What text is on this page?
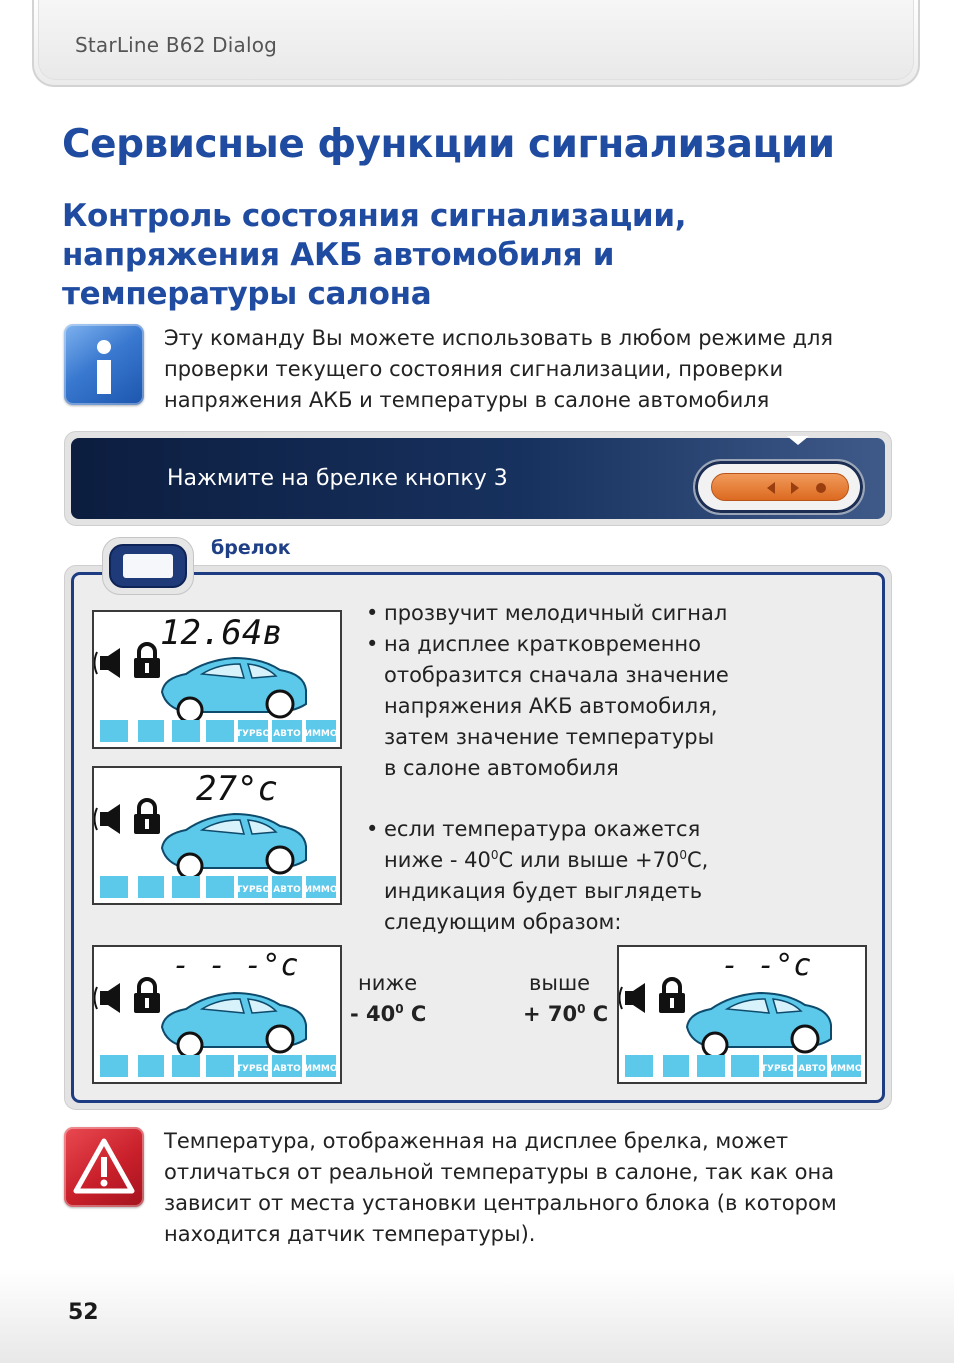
StarLine B62 Dialog
Сервисные функции сигнализации
Контроль состояния сигнализации,
напряжения АКБ автомобиля и
температуры салона
Эту команду Вы можете использовать в любом режиме для
проверки текущего состояния сигнализации, проверки
напряжения АКБ и температуры в салоне автомобиля
Нажмите на брелке кнопку 3
брелок
12.64в
ТУРБО АВТО ИММО
27°c
ТУРБО АВТО ИММО
- - -°c
ТУРБО АВТО ИММО
- -°c
ТУРБО АВТО ИММО
• прозвучит мелодичный сигнал
• на дисплее кратковременно
отобразится сначала значение
напряжения АКБ автомобиля,
затем значение температуры
в салоне автомобиля
• если температура окажется
ниже - $40^0С$ или выше $+70^0С$,
индикация будет выглядеть
следующим образом:
ниже
- $40^0$ C
выше
+ $70^0$ C
Температура, отображенная на дисплее брелка, может
отличаться от реальной температуры в салоне, так как она
зависит от места установки центрального блока (в котором
находится датчик температуры).
52
